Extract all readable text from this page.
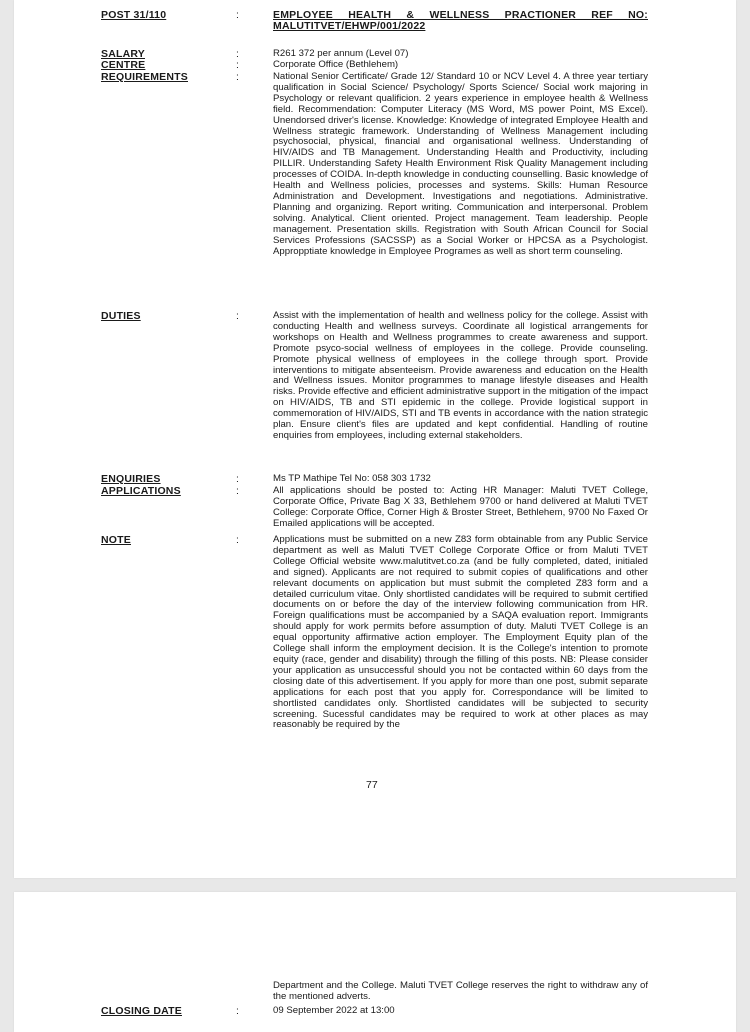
POST 31/110	:	EMPLOYEE HEALTH & WELLNESS PRACTIONER REF NO: MALUTITVET/EHWP/001/2022
SALARY	:	R261 372 per annum (Level 07)
CENTRE	:	Corporate Office (Bethlehem)
REQUIREMENTS	:	National Senior Certificate/ Grade 12/ Standard 10 or NCV Level 4. A three year tertiary qualification in Social Science/ Psychology/ Sports Science/ Social work majoring in Psychology or relevant qualificion. 2 years experience in employee health & Wellness field. Recommendation: Computer Literacy (MS Word, MS power Point, MS Excel). Unendorsed driver's license. Knowledge: Knowledge of integrated Employee Health and Wellness strategic framework. Understanding of Wellness Management including psychosocial, physical, financial and organisational wellness. Understanding of HIV/AIDS and TB Management. Understanding Health and Productivity, including PILLIR. Understanding Safety Health Environment Risk Quality Management including processes of COIDA. In-depth knowledge in conducting counselling. Basic knowledge of Health and Wellness policies, processes and systems. Skills: Human Resource Administration and Development. Investigations and negotiations. Administrative. Planning and organizing. Report writing. Communication and interpersonal. Problem solving. Analytical. Client oriented. Project management. Team leadership. People management. Presentation skills. Registration with South African Council for Social Services Professions (SACSSP) as a Social Worker or HPCSA as a Psychologist. Appropptiate knowledge in Employee Programes as well as short term counseling.
DUTIES	:	Assist with the implementation of health and wellness policy for the college. Assist with conducting Health and wellness surveys. Coordinate all logistical arrangements for workshops on Health and Wellness programmes to create awareness and support. Promote psyco-social wellness of employees in the college. Provide counseling. Promote physical wellness of employees in the college through sport. Provide interventions to mitigate absenteeism. Provide awareness and education on the Health and Wellness issues. Monitor programmes to manage lifestyle diseases and Health risks. Provide effective and efficient administrative support in the mitigation of the impact on HIV/AIDS, TB and STI epidemic in the college. Provide logistical support in commemoration of HIV/AIDS, STI and TB events in accordance with the nation strategic plan. Ensure client's files are updated and kept confidential. Handling of routine enquiries from employees, including external stakeholders.
ENQUIRIES	:	Ms TP Mathipe Tel No: 058 303 1732
APPLICATIONS	:	All applications should be posted to: Acting HR Manager: Maluti TVET College, Corporate Office, Private Bag X 33, Bethlehem 9700 or hand delivered at Maluti TVET College: Corporate Office, Corner High & Broster Street, Bethlehem, 9700 No Faxed Or Emailed applications will be accepted.
NOTE	:	Applications must be submitted on a new Z83 form obtainable from any Public Service department as well as Maluti TVET College Corporate Office or from Maluti TVET College Official website www.malutitvet.co.za (and be fully completed, dated, initialed and signed). Applicants are not required to submit copies of qualifications and other relevant documents on application but must submit the completed Z83 form and a detailed curriculum vitae. Only shortlisted candidates will be required to submit certified documents on or before the day of the interview following communication from HR. Foreign qualifications must be accompanied by a SAQA evaluation report. Immigrants should apply for work permits before assumption of duty. Maluti TVET College is an equal opportunity affirmative action employer. The Employment Equity plan of the College shall inform the employment decision. It is the College's intention to promote equity (race, gender and disability) through the filling of this posts. NB: Please consider your application as unsuccessful should you not be contacted within 60 days from the closing date of this advertisement. If you apply for more than one post, submit separate applications for each post that you apply for. Correspondance will be limited to shortlisted candidates only. Shortlisted candidates will be subjected to security screening. Sucessful candidates may be required to work at other places as may reasonably be required by the
77
Department and the College. Maluti TVET College reserves the right to withdraw any of the mentioned adverts.
CLOSING DATE	:	09 September 2022 at 13:00
